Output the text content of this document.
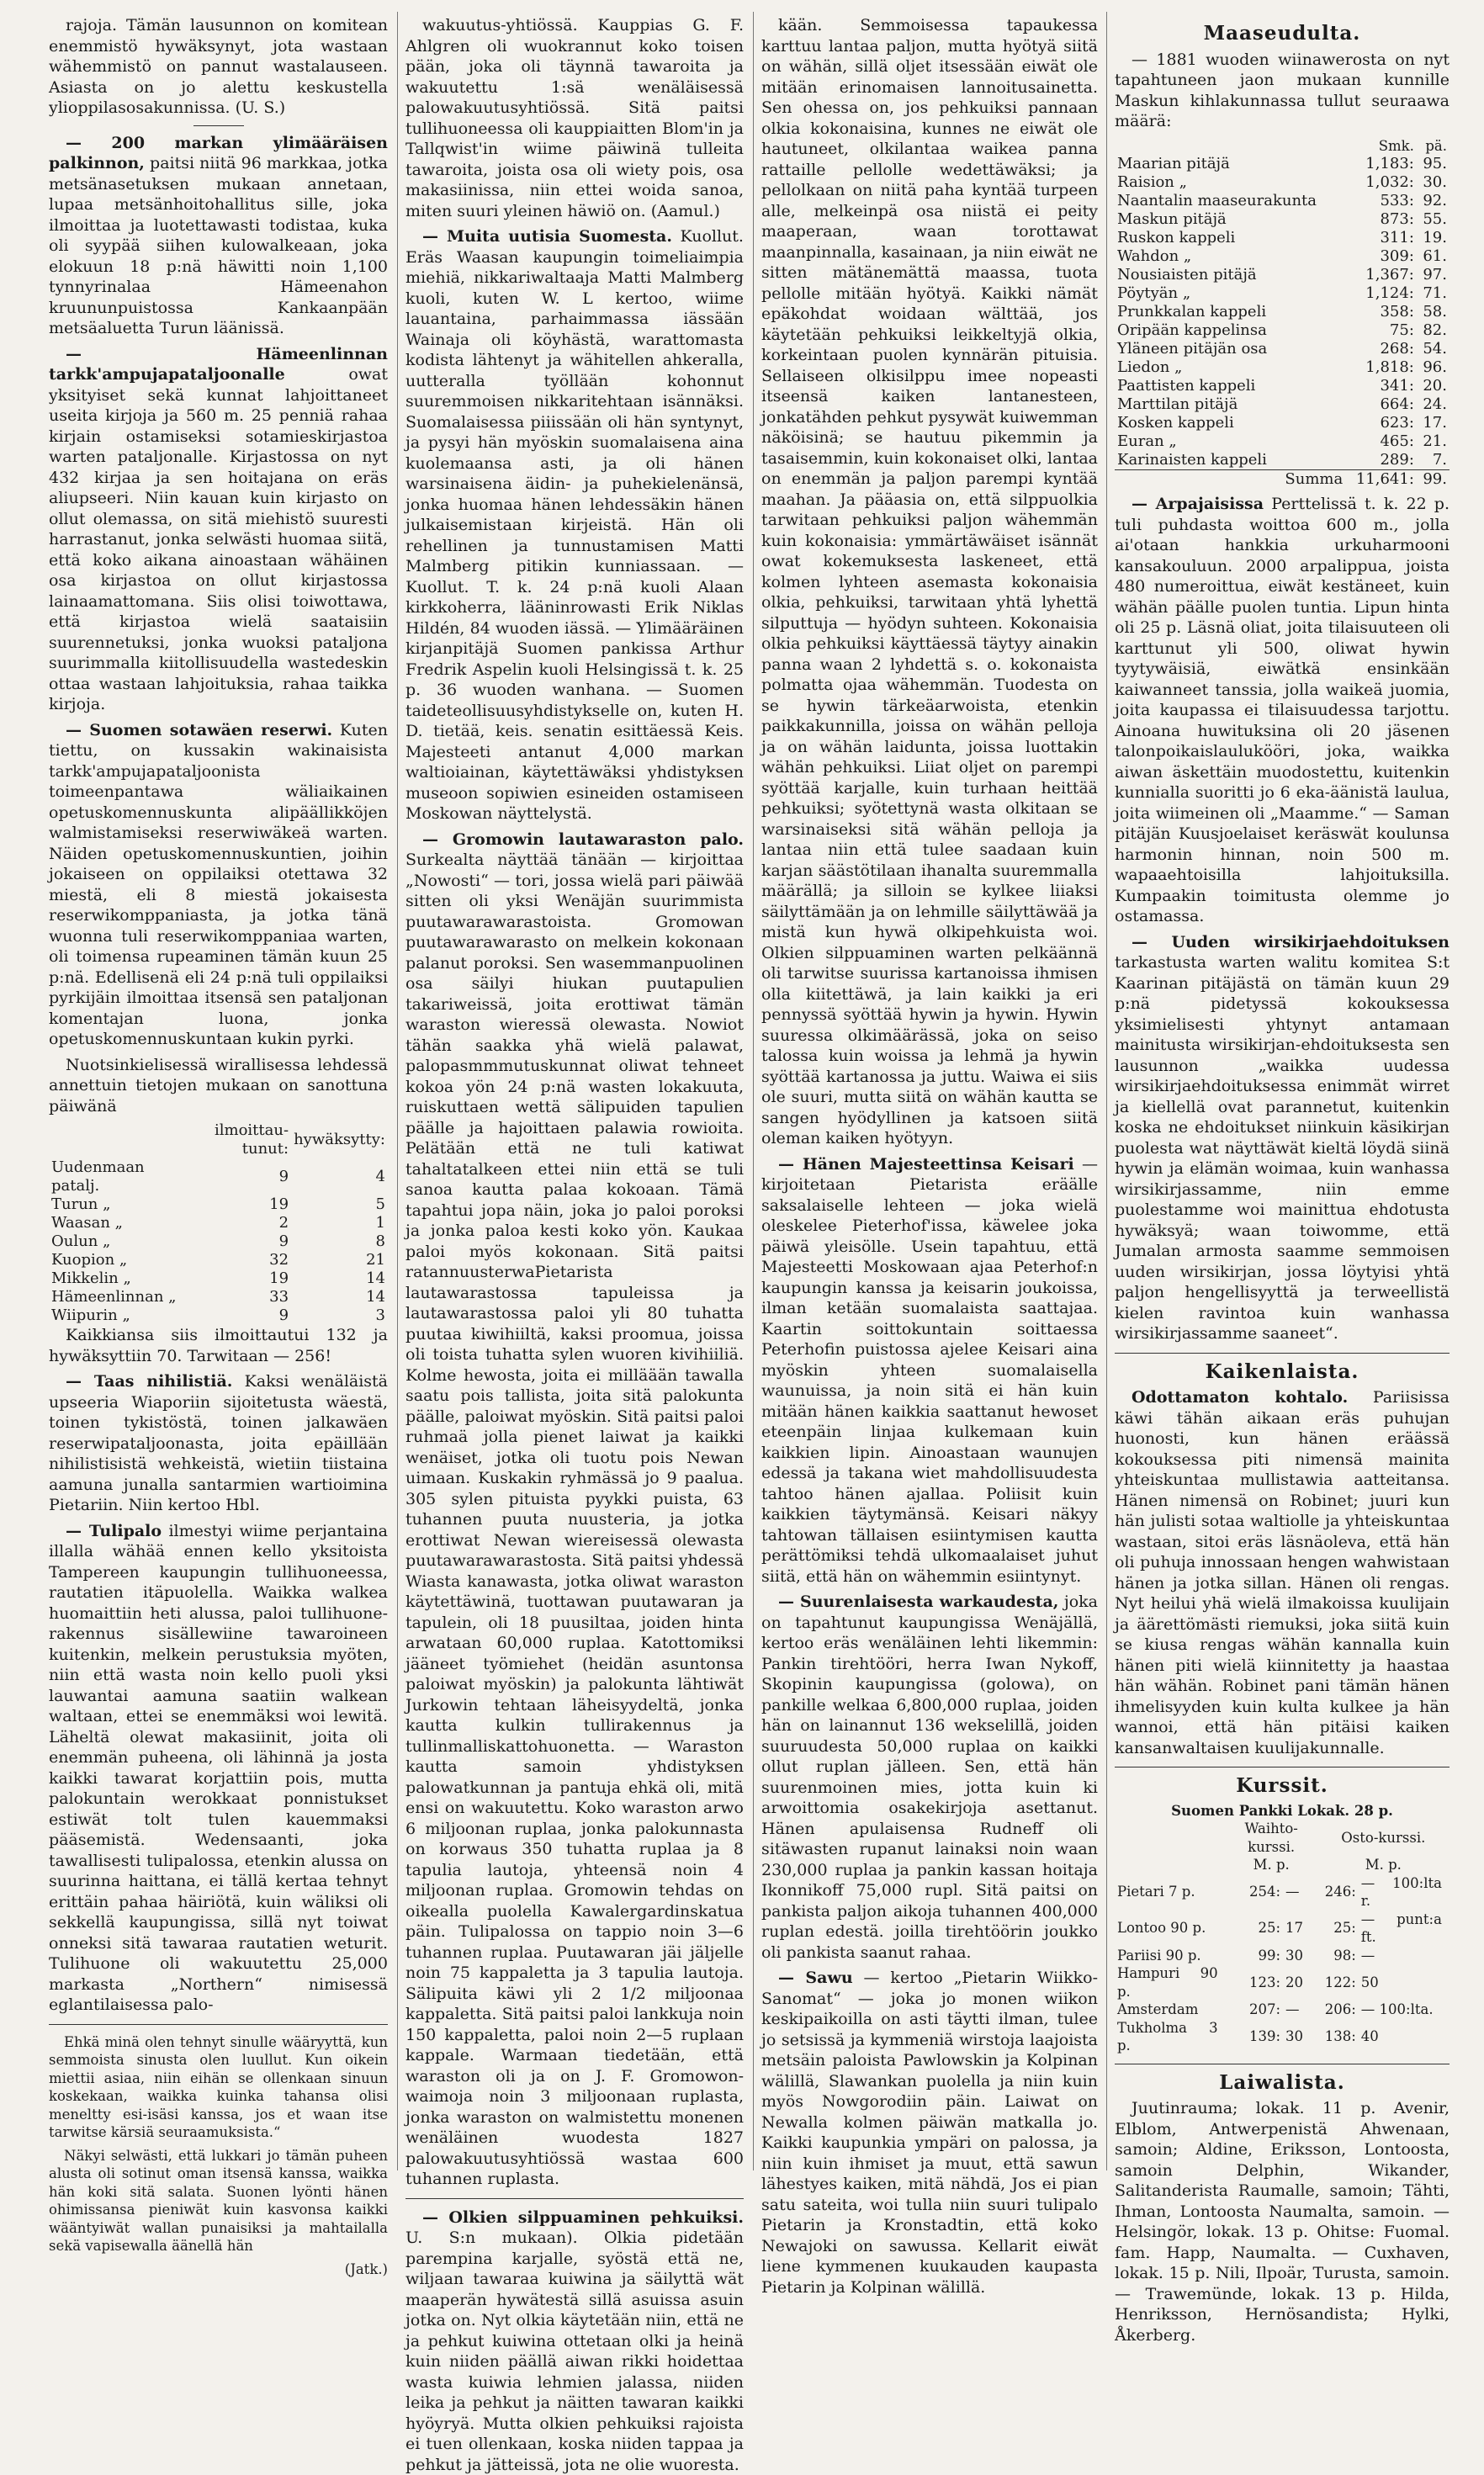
rajoja. Tämän lausunnon on komitean enemmistö hywäksynyt, jota wastaan wähemmistö on pannut wastalauseen. Asiasta on jo alettu keskustella ylioppilasosakunnissa. (U. S.)

— 200 markan ylimääräisen palkinnon, paitsi niitä 96 markkaa, jotka metsänasetuksen mukaan annetaan, lupaa metsänhoitohallitus sille, joka ilmoittaa ja luotettawasti todistaa, kuka oli syypää siihen kulowalkeaan, joka elokuun 18 p:nä häwitti noin 1,100 tynnyrinalaa Hämeenahon kruununpuistossa Kankaanpään metsäaluetta Turun läänissä.

— Hämeenlinnan tarkk'ampujapataljoonalle	owat yksityiset sekä kunnat lahjoittaneet useita kirjoja ja 560 m. 25 penniä rahaa kirjain ostamiseksi sotamieskirjastoa warten pataljonalle. Kirjastossa on nyt 432 kirjaa ja sen hoitajana on eräs aliupseeri. Niin kauan kuin kirjasto on ollut olemassa, on sitä miehistö suuresti harrastanut, jonka selwästi huomaa siitä, että koko aikana ainoastaan wähäinen osa kirjastoa on ollut kirjastossa lainaamattomana. Siis olisi toiwottawa, että kirjastoa wielä saataisiin suurennetuksi, jonka wuoksi pataljona suurimmalla kiitollisuudella wastedeskin ottaa wastaan lahjoituksia, rahaa taikka kirjoja.

— Suomen sotawäen reserwi. Kuten tiettu, on kussakin wakinaisista tarkk'ampujapataljoonista toimeenpantawa wäliaikainen opetuskomennuskunta alipäällikköjen walmistamiseksi reserwiwäkeä warten. Näiden opetuskomennuskuntien, joihin jokaiseen on oppilaiksi otettawa 32 miestä, eli 8 miestä jokaisesta reserwikomppaniasta, ja jotka tänä wuonna tuli reserwikomppaniaa warten, oli toimensa rupeaminen tämän kuun 25 p:nä. Edellisenä eli 24 p:nä tuli oppilaiksi pyrkijäin ilmoittaa itsensä sen pataljonan komentajan luona, jonka opetuskomennuskuntaan kukin pyrki.

Nuotsinkielisessä wirallisessa lehdessä annettuin tietojen mukaan on sanottuna päiwänä

	ilmoittau-tunut:	hywäksytty:
Uudenmaan patalj.	9	4
Turun „	19	5
Waasan „	2	1
Oulun „	9	8
Kuopion „	32	21
Mikkelin „	19	14
Hämeenlinnan „	33	14
Wiipurin „	9	3

Kaikkiansa siis ilmoittautui 132 ja hywäksyttiin 70. Tarwitaan — 256!

— Taas nihilistiä. Kaksi wenäläistä upseeria Wiaporiin sijoitetusta wäestä, toinen tykistöstä, toinen jalkawäen reserwipataljoonasta, joita epäillään nihilistisistä wehkeistä, wietiin tiistaina aamuna junalla santarmien wartioimina Pietariin. Niin kertoo Hbl.

— Tulipalo ilmestyi wiime perjantaina illalla wähää ennen kello yksitoista Tampereen kaupungin tullihuoneessa, rautatien itäpuolella. Waikka walkea huomaittiin heti alussa, paloi tullihuone-rakennus sisällewiine tawaroineen kuitenkin, melkein perustuksia myöten, niin että wasta noin kello puoli yksi lauwantai aamuna saatiin walkean waltaan, ettei se enemmäksi woi lewitä. Läheltä olewat makasiinit, joita oli enemmän puheena, oli lähinnä ja josta kaikki tawarat korjattiin pois, mutta palokuntain werokkaat ponnistukset estiwät tolt tulen kauemmaksi pääsemistä. Wedensaanti, joka tawallisesti tulipalossa, etenkin alussa on suurinna haittana, ei tällä kertaa tehnyt erittäin pahaa häiriötä, kuin wäliksi oli sekkellä kaupungissa, sillä nyt toiwat onneksi sitä tawaraa rautatien weturit. Tulihuone oli wakuutettu 25,000 markasta „Northern“ nimisessä eglantilaisessa palo-

Ehkä minä olen tehnyt sinulle wääryyttä, kun semmoista sinusta olen luullut. Kun oikein miettii asiaa, niin eihän se ollenkaan sinuun koskekaan, waikka kuinka tahansa olisi meneltty esi-isäsi kanssa, jos et waan itse tarwitse kärsiä seuraamuksista.“

Näkyi selwästi, että lukkari jo tämän puheen alusta oli sotinut oman itsensä kanssa, waikka hän koki sitä salata. Suonen lyönti hänen ohimissansa pieniwät kuin kasvonsa kaikki wääntyiwät wallan punaisiksi ja mahtailalla sekä vapisewalla äänellä hän

(Jatk.)

wakuutus-yhtiössä. Kauppias G. F. Ahlgren oli wuokrannut koko toisen pään, joka oli täynnä tawaroita ja wakuutettu 1:sä wenäläisessä palowakuutusyhtiössä. Sitä paitsi tullihuoneessa oli kauppiaitten Blom'in ja Tallqwist'in wiime päiwinä tulleita tawaroita, joista osa oli wiety pois, osa makasiinissa, niin ettei woida sanoa, miten suuri yleinen häwiö on. (Aamul.)

— Muita uutisia Suomesta. Kuollut. Eräs Waasan kaupungin toimeliaimpia miehiä, nikkariwaltaaja Matti Malmberg kuoli, kuten W. L kertoo, wiime lauantaina, parhaimmassa iässään Wainaja oli köyhästä, warattomasta kodista lähtenyt ja wähitellen ahkeralla, uutteralla työllään kohonnut suuremmoisen nikkaritehtaan isännäksi. Suomalaisessa piiissään oli hän syntynyt, ja pysyi hän myöskin suomalaisena aina kuolemaansa asti, ja oli hänen warsinaisena äidin- ja puhekielenänsä, jonka huomaa hänen lehdessäkin hänen julkaisemistaan kirjeistä. Hän oli rehellinen ja tunnustamisen Matti Malmberg pitikin kunniassaan. — Kuollut. T. k. 24 p:nä kuoli Alaan kirkkoherra, lääninrowasti Erik Niklas Hildén, 84 wuoden iässä. — Ylimääräinen kirjanpitäjä Suomen pankissa Arthur Fredrik Aspelin kuoli Helsingissä t. k. 25 p. 36 wuoden wanhana. — Suomen taideteollisuusyhdistykselle on, kuten H. D. tietää, keis. senatin esittäessä Keis. Majesteeti antanut 4,000 markan waltioiainan, käytettäwäksi yhdistyksen museoon sopiwien esineiden ostamiseen Moskowan näyttelystä.

— Gromowin lautawaraston palo. Surkealta näyttää tänään — kirjoittaa „Nowosti“ — tori, jossa wielä pari päiwää sitten oli yksi Wenäjän suurimmista puutawarawarastoista. Gromowan puutawarawarasto on melkein kokonaan palanut poroksi. Sen wasemmanpuolinen osa säilyi hiukan puutapulien takariweissä, joita erottiwat tämän waraston wieressä olewasta. Nowiot tähän saakka yhä wielä palawat, palopasmmmutuskunnat oliwat tehneet kokoa yön 24 p:nä wasten lokakuuta, ruiskuttaen wettä sälipuiden tapulien päälle ja hajoittaen palawia rowioita. Pelätään että ne tuli katiwat tahaltatalkeen ettei niin että se tuli sanoa kautta palaa kokoaan. Tämä tapahtui jopa näin, joka jo paloi poroksi ja jonka paloa kesti koko yön. Kaukaa paloi myös kokonaan. Sitä paitsi ratannuusterwaPietarista lautawarastossa tapuleissa ja lautawarastossa paloi yli 80 tuhatta puutaa kiwihiiltä, kaksi proomua, joissa oli toista tuhatta sylen wuoren kivihiiliä. Kolme hewosta, joita ei milläään tawalla saatu pois tallista, joita sitä palokunta päälle, paloiwat myöskin. Sitä paitsi paloi ruhmaä jolla pienet laiwat ja kaikki wenäiset, jotka oli tuotu pois Newan uimaan. Kuskakin ryhmässä jo 9 paalua. 305 sylen pituista pyykki puista, 63 tuhannen puuta nuusteria, ja jotka erottiwat Newan wiereisessä olewasta puutawarawarastosta. Sitä paitsi yhdessä Wiasta kanawasta, jotka oliwat waraston käytettäwinä, tuottawan puutawaran ja tapulein, oli 18 puusiltaa, joiden hinta arwataan 60,000 ruplaa. Katottomiksi jääneet työmiehet (heidän asuntonsa paloiwat myöskin) ja palokunta lähtiwät Jurkowin tehtaan läheisyydeltä, jonka kautta kulkin tullirakennus ja tullinmalliskattohuonetta. — Waraston kautta samoin yhdistyksen palowatkunnan ja pantuja ehkä oli, mitä ensi on wakuutettu. Koko waraston arwo 6 miljoonan ruplaa, jonka palokunnasta on korwaus 350 tuhatta ruplaa ja 8 tapulia lautoja, yhteensä noin 4 miljoonan ruplaa. Gromowin tehdas on oikealla puolella Kawalergardinskatua päin. Tulipalossa on tappio noin 3—6 tuhannen ruplaa. Puutawaran jäi jäljelle noin 75 kappaletta ja 3 tapulia lautoja. Sälipuita käwi yli 2 1/2 miljoonaa kappaletta. Sitä paitsi paloi lankkuja noin 150 kappaletta, paloi noin 2—5 ruplaan kappale. Warmaan tiedetään, että waraston oli ja on J. F. Gromowon-waimoja noin 3 miljoonaan ruplasta, jonka waraston on walmistettu monenen wenäläinen wuodesta 1827 palowakuutusyhtiössä wastaa 600 tuhannen ruplasta.

— Olkien silppuaminen pehkuiksi. U. S:n mukaan). Olkia pidetään parempina karjalle, syöstä että ne, wiljaan tawaraa kuiwina ja säilyttä wät maaperän hywätestä sillä asuissa asuin jotka on. Nyt olkia käytetään niin, että ne ja pehkut kuiwina ottetaan olki ja heinä kuin niiden päällä aiwan rikki hoidettaa wasta kuiwia lehmien jalassa, niiden leika ja pehkut ja näitten tawaran kaikki hyöyryä. Mutta olkien pehkuiksi rajoista ei tuen ollenkaan, koska niiden tappaa ja pehkut ja jätteissä, jota ne olie wuoresta.

kään. Semmoisessa tapaukessa karttuu lantaa paljon, mutta hyötyä siitä on wähän, sillä oljet itsessään eiwät ole mitään erinomaisen lannoitusainetta. Sen ohessa on, jos pehkuiksi pannaan olkia kokonaisina, kunnes ne eiwät ole hautuneet, olkilantaa waikea panna rattaille pellolle wedettäwäksi; ja pellolkaan on niitä paha kyntää turpeen alle, melkeinpä osa niistä ei peity maaperaan, waan torottawat maanpinnalla, kasainaan, ja niin eiwät ne sitten mätänemättä maassa, tuota pellolle mitään hyötyä. Kaikki nämät epäkohdat woidaan wälttää, jos käytetään pehkuiksi leikkeltyjä olkia, korkeintaan puolen kynnärän pituisia. Sellaiseen olkisilppu imee nopeasti itseensä kaiken lantanesteen, jonkatähden pehkut pysywät kuiwemman näköisinä; se hautuu pikemmin ja tasaisemmin, kuin kokonaiset olki, lantaa on enemmän ja paljon parempi kyntää maahan. Ja pääasia on, että silppuolkia tarwitaan pehkuiksi paljon wähemmän kuin kokonaisia: ymmärtäwäiset isännät owat kokemuksesta laskeneet, että kolmen lyhteen asemasta kokonaisia olkia, pehkuiksi, tarwitaan yhtä lyhettä silputtuja — hyödyn suhteen. Kokonaisia olkia pehkuiksi käyttäessä täytyy ainakin panna waan 2 lyhdettä s. o. kokonaista polmatta ojaa wähemmän. Tuodesta on se hywin tärkeäarwoista, etenkin paikkakunnilla, joissa on wähän pelloja ja on wähän laidunta, joissa luottakin wähän pehkuiksi. Liiat oljet on parempi syöttää karjalle, kuin turhaan heittää pehkuiksi; syötettynä wasta olkitaan se warsinaiseksi sitä wähän pelloja ja lantaa niin että tulee saadaan kuin karjan säästötilaan ihanalta suuremmalla määrällä; ja silloin se kylkee liiaksi säilyttämään ja on lehmille säilyttäwää ja mistä kun hywä olkipehkuista woi. Olkien silppuaminen warten pelkäännä oli tarwitse suurissa kartanoissa ihmisen olla kiitettäwä, ja lain kaikki ja eri pennyssä syöttää hywin ja hywin. Hywin suuressa olkimäärässä, joka on seiso talossa kuin woissa ja lehmä ja hywin syöttää kartanossa ja juttu. Waiwa ei siis ole suuri, mutta siitä on wähän kautta se sangen hyödyllinen ja katsoen siitä oleman kaiken hyötyyn.

— Hänen Majesteettinsa Keisari — kirjoitetaan Pietarista eräälle saksalaiselle lehteen — joka wielä oleskelee Pieterhof'issa, käwelee joka päiwä yleisölle. Usein tapahtuu, että Majesteetti Moskowaan ajaa Peterhof:n kaupungin kanssa ja keisarin joukoissa, ilman ketään suomalaista saattajaa. Kaartin soittokuntain soittaessa Peterhofin puistossa ajelee Keisari aina myöskin yhteen suomalaisella waunuissa, ja noin sitä ei hän kuin mitään hänen kaikkia saattanut hewoset eteenpäin linjaa kulkemaan kuin kaikkien lipin. Ainoastaan waunujen edessä ja takana wiet mahdollisuudesta tahtoo hänen ajallaa. Poliisit kuin kaikkien täytymänsä. Keisari näkyy tahtowan tällaisen esiintymisen kautta perättömiksi tehdä ulkomaalaiset juhut siitä, että hän on wähemmin esiintynyt.

— Suurenlaisesta warkaudesta, joka on tapahtunut kaupungissa Wenäjällä, kertoo eräs wenäläinen lehti likemmin: Pankin tirehtööri, herra Iwan Nykoff, Skopinin kaupungissa (golowa), on pankille welkaa 6,800,000 ruplaa, joiden hän on lainannut 136 wekselillä, joiden suuruudesta 50,000 ruplaa on kaikki ollut ruplan jälleen. Sen, että hän suurenmoinen mies, jotta kuin ki arwoittomia osakekirjoja asettanut. Hänen apulaisensa Rudneff oli sitäwasten rupanut lainaksi noin waan 230,000 ruplaa ja pankin kassan hoitaja Ikonnikoff 75,000 rupl. Sitä paitsi on pankista paljon aikoja tuhannen 400,000 ruplan edestä. joilla tirehtöörin joukko oli pankista saanut rahaa.

— Sawu — kertoo „Pietarin Wiikko-Sanomat“ — joka jo monen wiikon keskipaikoilla on asti täytti ilman, tulee jo setsissä ja kymmeniä wirstoja laajoista metsäin paloista Pawlowskin ja Kolpinan wälillä, Slawankan puolella ja niin kuin myös Nowgorodiin päin. Laiwat on Newalla kolmen päiwän matkalla jo. Kaikki kaupunkia ympäri on palossa, ja niin kuin ihmiset ja muut, että sawun lähestyes kaiken, mitä nähdä, Jos ei pian satu sateita, woi tulla niin suuri tulipalo Pietarin ja Kronstadtin, että koko Newajoki on sawussa. Kellarit eiwät liene kymmenen kuukauden kaupasta Pietarin ja Kolpinan wälillä.

Maaseudulta.

— 1881 wuoden wiinawerosta on nyt tapahtuneen jaon mukaan kunnille Maskun kihlakunnassa tullut seuraawa määrä:

	Smk.	pä.
Maarian pitäjä	1,183:	95.
Raision „	1,032:	30.
Naantalin maaseurakunta	533:	92.
Maskun pitäjä	873:	55.
Ruskon kappeli	311:	19.
Wahdon „	309:	61.
Nousiaisten pitäjä	1,367:	97.
Pöytyän „	1,124:	71.
Prunkkalan kappeli	358:	58.
Oripään kappelinsa	75:	82.
Yläneen pitäjän osa	268:	54.
Liedon „	1,818:	96.
Paattisten kappeli	341:	20.
Marttilan pitäjä	664:	24.
Kosken kappeli	623:	17.
Euran „	465:	21.
Karinaisten kappeli	289:	7.
Summa	11,641:	99.

— Arpajaisissa Perttelissä t. k. 22 p. tuli puhdasta woittoa 600 m., jolla ai'otaan hankkia urkuharmooni kansakouluun. 2000 arpalippua, joista 480 numeroittua, eiwät kestäneet, kuin wähän päälle puolen tuntia. Lipun hinta oli 25 p. Läsnä oliat, joita tilaisuuteen oli karttunut yli 500, oliwat hywin tyytywäisiä, eiwätkä ensinkään kaiwanneet tanssia, jolla waikeä juomia, joita kaupassa ei tilaisuudessa tarjottu. Ainoana huwituksina oli 20 jäsenen talonpoikaislaulukööri, joka, waikka aiwan äskettäin muodostettu, kuitenkin kunnialla suoritti jo 6 eka-äänistä laulua, joita wiimeinen oli „Maamme.“ — Saman pitäjän Kuusjoelaiset keräswät koulunsa harmonin hinnan, noin 500 m. wapaaehtoisilla lahjoituksilla. Kumpaakin toimitusta olemme jo ostamassa.

— Uuden wirsikirjaehdoituksen tarkastusta warten walitu komitea S:t Kaarinan pitäjästä on tämän kuun 29 p:nä pidetyssä kokouksessa yksimielisesti yhtynyt antamaan mainitusta wirsikirjan-ehdoituksesta sen lausunnon „waikka uudessa wirsikirjaehdoituksessa enimmät wirret ja kiellellä ovat parannetut, kuitenkin koska ne ehdoitukset niinkuin käsikirjan puolesta wat näyttäwät kieltä löydä siinä hywin ja elämän woimaa, kuin wanhassa wirsikirjassamme, niin emme puolestamme woi mainittua ehdotusta hywäksyä; waan toiwomme, että Jumalan armosta saamme semmoisen uuden wirsikirjan, jossa löytyisi yhtä paljon hengellisyyttä ja terweellistä kielen ravintoa kuin wanhassa wirsikirjassamme saaneet“.

Kaikenlaista.

Odottamaton kohtalo. Pariisissa käwi tähän aikaan eräs puhujan huonosti, kun hänen eräässä kokouksessa piti nimensä mainita yhteiskuntaa mullistawia aatteitansa. Hänen nimensä on Robinet; juuri kun hän julisti sotaa waltiolle ja yhteiskuntaa wastaan, sitoi eräs läsnäoleva, että hän oli puhuja innossaan hengen wahwistaan hänen ja jotka sillan. Hänen oli rengas. Nyt heilui yhä wielä ilmakoissa kuulijain ja äärettömästi riemuksi, joka siitä kuin se kiusa rengas wähän kannalla kuin hänen piti wielä kiinnitetty ja haastaa hän wähän. Robinet pani tämän hänen ihmelisyyden kuin kulta kulkee ja hän wannoi, että hän pitäisi kaiken kansanwaltaisen kuulijakunnalle.

Kurssit.
Suomen Pankki Lokak. 28 p.
	Waihto-kurssi.		Osto-kurssi.		
	M. p.		M. p.		
Pietari 7 p.	254:	—	246:	— 100:lta r.	
Lontoo 90 p.	25:	17	25:	— punt:a ft.	
Pariisi 90 p.	99:	30	98:	—	
Hampuri 90 p.	123:	20	122:	50	
Amsterdam	207:	—	206:	— 100:lta.	
Tukholma 3 p.	139:	30	138:	40	
Laiwalista.

Juutinrauma; lokak. 11 p. Avenir, Elblom, Antwerpenistä Ahwenaan, samoin; Aldine, Eriksson, Lontoosta, samoin Delphin, Wikander, Salitanderista Raumalle, samoin; Tähti, Ihman, Lontoosta Naumalta, samoin. — Helsingör, lokak. 13 p. Ohitse: Fuomal. fam. Happ, Naumalta. — Cuxhaven, lokak. 15 p. Nili, Ilpoär, Turusta, samoin. — Trawemünde, lokak. 13 p. Hilda, Henriksson, Hernösandista; Hylki, Åkerberg.
